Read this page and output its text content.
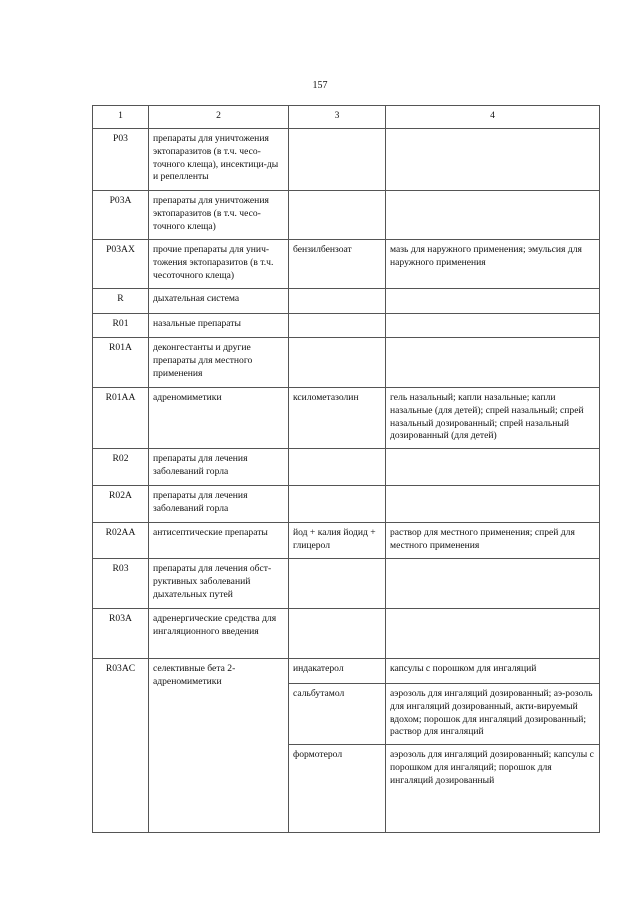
157
1	2	3	4
P03	препараты для уничтожения эктопаразитов (в т.ч. чесо-точного клеща), инсектици-ды и репелленты		
P03A	препараты для уничтожения эктопаразитов (в т.ч. чесо-точного клеща)		
P03AX	прочие препараты для унич-тожения эктопаразитов (в т.ч. чесоточного клеща)	бензилбензоат	мазь для наружного применения; эмульсия для наружного применения
R	дыхательная система		
R01	назальные препараты		
R01A	деконгестанты и другие препараты для местного применения		
R01AA	адреномиметики	ксилометазолин	гель назальный; капли назальные; капли назальные (для детей); спрей назальный; спрей назальный дозированный; спрей назальный дозированный (для детей)
R02	препараты для лечения заболеваний горла		
R02A	препараты для лечения заболеваний горла		
R02AA	антисептические препараты	йод + калия йодид + глицерол	раствор для местного применения; спрей для местного применения
R03	препараты для лечения обст-руктивных заболеваний дыхательных путей		
R03A	адренергические средства для ингаляционного введения		
R03AC	селективные бета 2-адреномиметики	индакатерол	капсулы с порошком для ингаляций
		сальбутамол	аэрозоль для ингаляций дозированный; аэ-розоль для ингаляций дозированный, акти-вируемый вдохом; порошок для ингаляций дозированный; раствор для ингаляций
		формотерол	аэрозоль для ингаляций дозированный; капсулы с порошком для ингаляций; порошок для ингаляций дозированный
